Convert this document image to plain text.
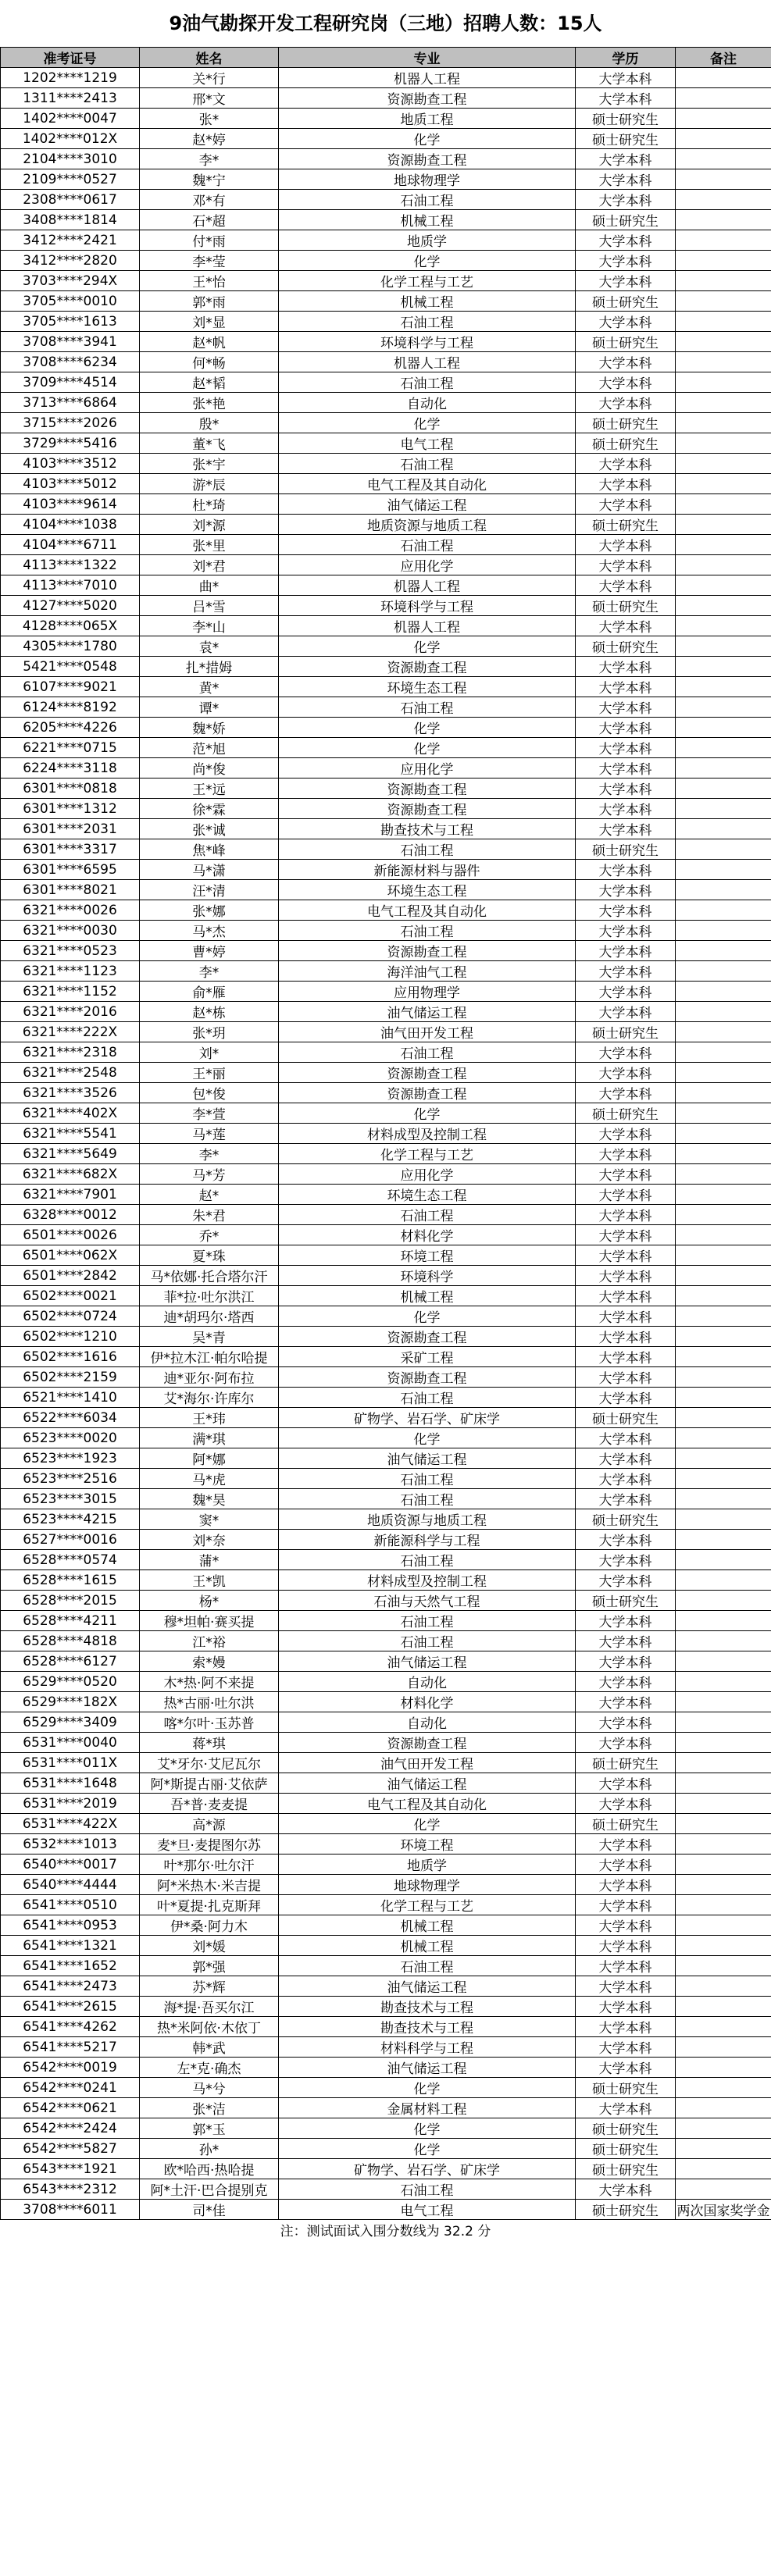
9油气勘探开发工程研究岗（三地）招聘人数：15人
准考证号	姓名	专业	学历	备注
1202****1219	关*行	机器人工程	大学本科	
1311****2413	邢*文	资源勘查工程	大学本科	
1402****0047	张*	地质工程	硕士研究生	
1402****012X	赵*婷	化学	硕士研究生	
2104****3010	李*	资源勘查工程	大学本科	
2109****0527	魏*宁	地球物理学	大学本科	
2308****0617	邓*有	石油工程	大学本科	
3408****1814	石*超	机械工程	硕士研究生	
3412****2421	付*雨	地质学	大学本科	
3412****2820	李*莹	化学	大学本科	
3703****294X	王*怡	化学工程与工艺	大学本科	
3705****0010	郭*雨	机械工程	硕士研究生	
3705****1613	刘*显	石油工程	大学本科	
3708****3941	赵*帆	环境科学与工程	硕士研究生	
3708****6234	何*畅	机器人工程	大学本科	
3709****4514	赵*韬	石油工程	大学本科	
3713****6864	张*艳	自动化	大学本科	
3715****2026	殷*	化学	硕士研究生	
3729****5416	董*飞	电气工程	硕士研究生	
4103****3512	张*宇	石油工程	大学本科	
4103****5012	游*辰	电气工程及其自动化	大学本科	
4103****9614	杜*琦	油气储运工程	大学本科	
4104****1038	刘*源	地质资源与地质工程	硕士研究生	
4104****6711	张*里	石油工程	大学本科	
4113****1322	刘*君	应用化学	大学本科	
4113****7010	曲*	机器人工程	大学本科	
4127****5020	吕*雪	环境科学与工程	硕士研究生	
4128****065X	李*山	机器人工程	大学本科	
4305****1780	袁*	化学	硕士研究生	
5421****0548	扎*措姆	资源勘查工程	大学本科	
6107****9021	黄*	环境生态工程	大学本科	
6124****8192	谭*	石油工程	大学本科	
6205****4226	魏*娇	化学	大学本科	
6221****0715	范*旭	化学	大学本科	
6224****3118	尚*俊	应用化学	大学本科	
6301****0818	王*远	资源勘查工程	大学本科	
6301****1312	徐*霖	资源勘查工程	大学本科	
6301****2031	张*诚	勘查技术与工程	大学本科	
6301****3317	焦*峰	石油工程	硕士研究生	
6301****6595	马*潇	新能源材料与器件	大学本科	
6301****8021	汪*清	环境生态工程	大学本科	
6321****0026	张*娜	电气工程及其自动化	大学本科	
6321****0030	马*杰	石油工程	大学本科	
6321****0523	曹*婷	资源勘查工程	大学本科	
6321****1123	李*	海洋油气工程	大学本科	
6321****1152	俞*雁	应用物理学	大学本科	
6321****2016	赵*栋	油气储运工程	大学本科	
6321****222X	张*玥	油气田开发工程	硕士研究生	
6321****2318	刘*	石油工程	大学本科	
6321****2548	王*丽	资源勘查工程	大学本科	
6321****3526	包*俊	资源勘查工程	大学本科	
6321****402X	李*萱	化学	硕士研究生	
6321****5541	马*莲	材料成型及控制工程	大学本科	
6321****5649	李*	化学工程与工艺	大学本科	
6321****682X	马*芳	应用化学	大学本科	
6321****7901	赵*	环境生态工程	大学本科	
6328****0012	朱*君	石油工程	大学本科	
6501****0026	乔*	材料化学	大学本科	
6501****062X	夏*珠	环境工程	大学本科	
6501****2842	马*依娜·托合塔尔汗	环境科学	大学本科	
6502****0021	菲*拉·吐尔洪江	机械工程	大学本科	
6502****0724	迪*胡玛尔·塔西	化学	大学本科	
6502****1210	吴*青	资源勘查工程	大学本科	
6502****1616	伊*拉木江·帕尔哈提	采矿工程	大学本科	
6502****2159	迪*亚尔·阿布拉	资源勘查工程	大学本科	
6521****1410	艾*海尔·许库尔	石油工程	大学本科	
6522****6034	王*玮	矿物学、岩石学、矿床学	硕士研究生	
6523****0020	满*琪	化学	大学本科	
6523****1923	阿*娜	油气储运工程	大学本科	
6523****2516	马*虎	石油工程	大学本科	
6523****3015	魏*昊	石油工程	大学本科	
6523****4215	窦*	地质资源与地质工程	硕士研究生	
6527****0016	刘*奈	新能源科学与工程	大学本科	
6528****0574	蒲*	石油工程	大学本科	
6528****1615	王*凯	材料成型及控制工程	大学本科	
6528****2015	杨*	石油与天然气工程	硕士研究生	
6528****4211	穆*坦帕·赛买提	石油工程	大学本科	
6528****4818	江*裕	石油工程	大学本科	
6528****6127	索*嫚	油气储运工程	大学本科	
6529****0520	木*热·阿不来提	自动化	大学本科	
6529****182X	热*古丽·吐尔洪	材料化学	大学本科	
6529****3409	喀*尔叶·玉苏普	自动化	大学本科	
6531****0040	蒋*琪	资源勘查工程	大学本科	
6531****011X	艾*牙尔·艾尼瓦尔	油气田开发工程	硕士研究生	
6531****1648	阿*斯提古丽·艾依萨	油气储运工程	大学本科	
6531****2019	吾*普·麦麦提	电气工程及其自动化	大学本科	
6531****422X	高*源	化学	硕士研究生	
6532****1013	麦*旦·麦提图尔苏	环境工程	大学本科	
6540****0017	叶*那尔·吐尔汗	地质学	大学本科	
6540****4444	阿*米热木·米吉提	地球物理学	大学本科	
6541****0510	叶*夏提·扎克斯拜	化学工程与工艺	大学本科	
6541****0953	伊*桑·阿力木	机械工程	大学本科	
6541****1321	刘*媛	机械工程	大学本科	
6541****1652	郭*强	石油工程	大学本科	
6541****2473	苏*辉	油气储运工程	大学本科	
6541****2615	海*提·吾买尔江	勘查技术与工程	大学本科	
6541****4262	热*米阿依·木依丁	勘查技术与工程	大学本科	
6541****5217	韩*武	材料科学与工程	大学本科	
6542****0019	左*克·确杰	油气储运工程	大学本科	
6542****0241	马*兮	化学	硕士研究生	
6542****0621	张*洁	金属材料工程	大学本科	
6542****2424	郭*玉	化学	硕士研究生	
6542****5827	孙*	化学	硕士研究生	
6543****1921	欧*哈西·热哈提	矿物学、岩石学、矿床学	硕士研究生	
6543****2312	阿*土汗·巴合提别克	石油工程	大学本科	
3708****6011	司*佳	电气工程	硕士研究生	两次国家奖学金
注：测试面试入围分数线为 32.2 分
